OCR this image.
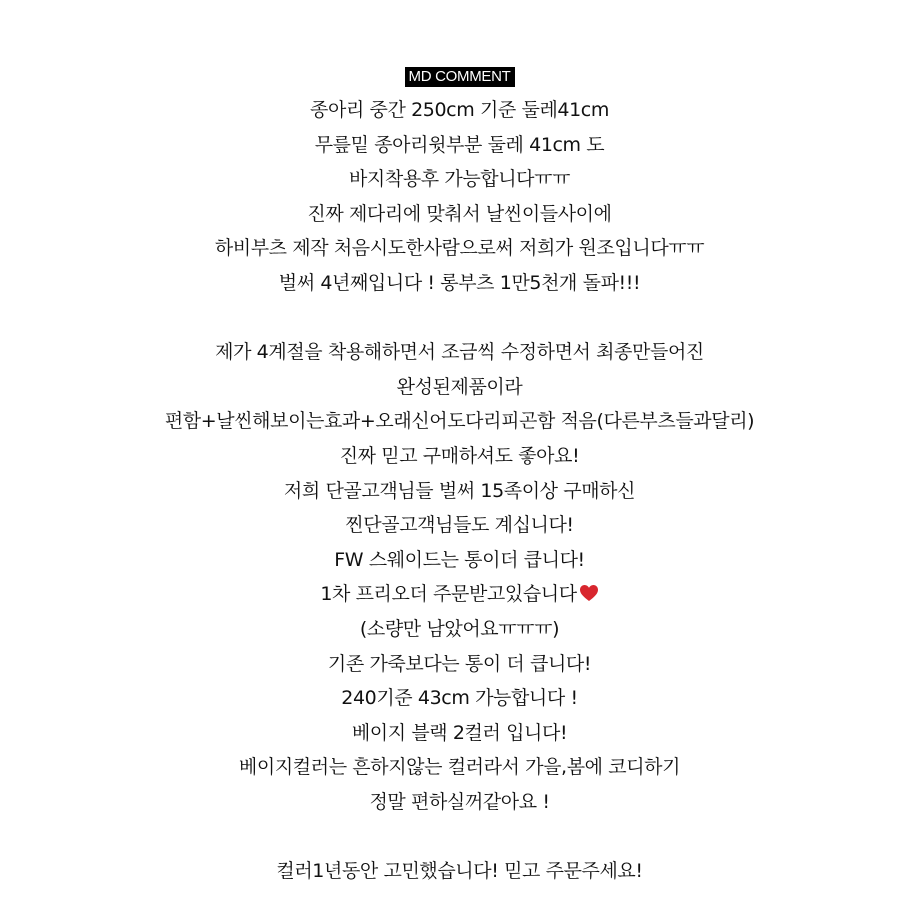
MD COMMENT
종아리 중간 250cm 기준 둘레41cm
무릎밑 종아리윗부분 둘레 41cm 도
바지착용후 가능합니다ㅠㅠ
진짜 제다리에 맞춰서 날씬이들사이에
하비부츠 제작 처음시도한사람으로써 저희가 원조입니다ㅠㅠ
벌써 4년째입니다 ! 롱부츠 1만5천개 돌파!!!
제가 4계절을 착용해하면서 조금씩 수정하면서 최종만들어진
완성된제품이라
편함+날씬해보이는효과+오래신어도다리피곤함 적음(다른부츠들과달리)
진짜 믿고 구매하셔도 좋아요!
저희 단골고객님들 벌써 15족이상 구매하신
찐단골고객님들도 계십니다!
FW 스웨이드는 통이더 큽니다!
1차 프리오더 주문받고있습니다
(소량만 남았어요ㅠㅠㅠ)
기존 가죽보다는 통이 더 큽니다!
240기준 43cm 가능합니다 !
베이지 블랙 2컬러 입니다!
베이지컬러는 흔하지않는 컬러라서 가을,봄에 코디하기
정말 편하실꺼같아요 !
컬러1년동안 고민했습니다! 믿고 주문주세요!
